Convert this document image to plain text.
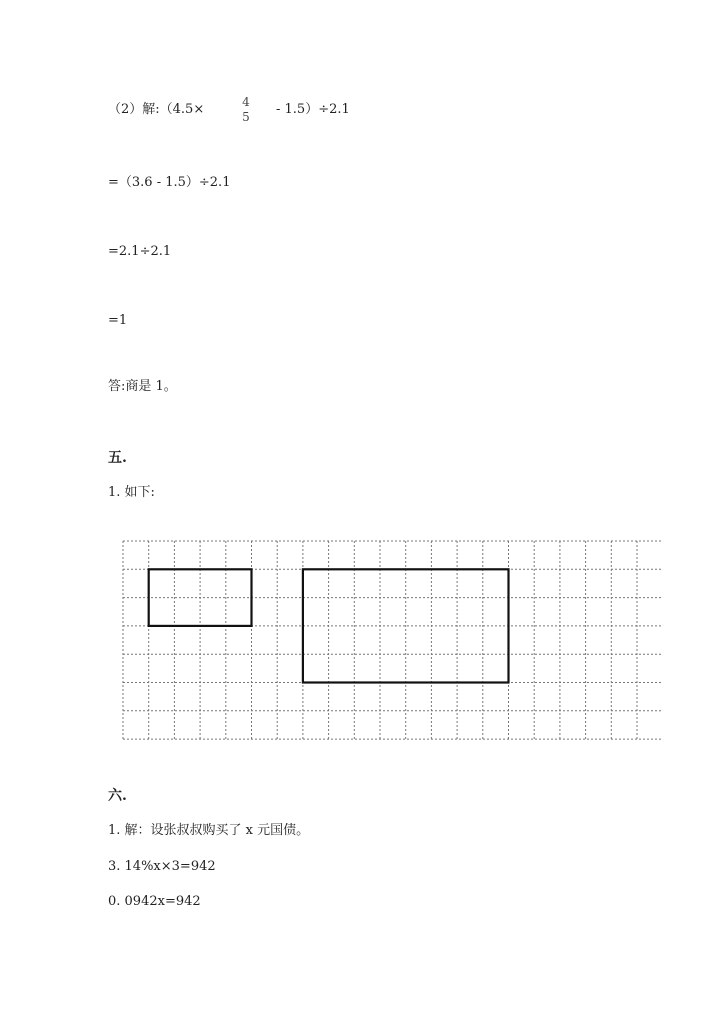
（2）解:（4.5×	4
5	- 1.5）÷2.1
=（3.6 - 1.5）÷2.1
=2.1÷2.1
=1
答:商是 1。
五.
1. 如下:
六.
1. 解：设张叔叔购买了 x 元国债。
3. 14%x×3=942
0. 0942x=942
